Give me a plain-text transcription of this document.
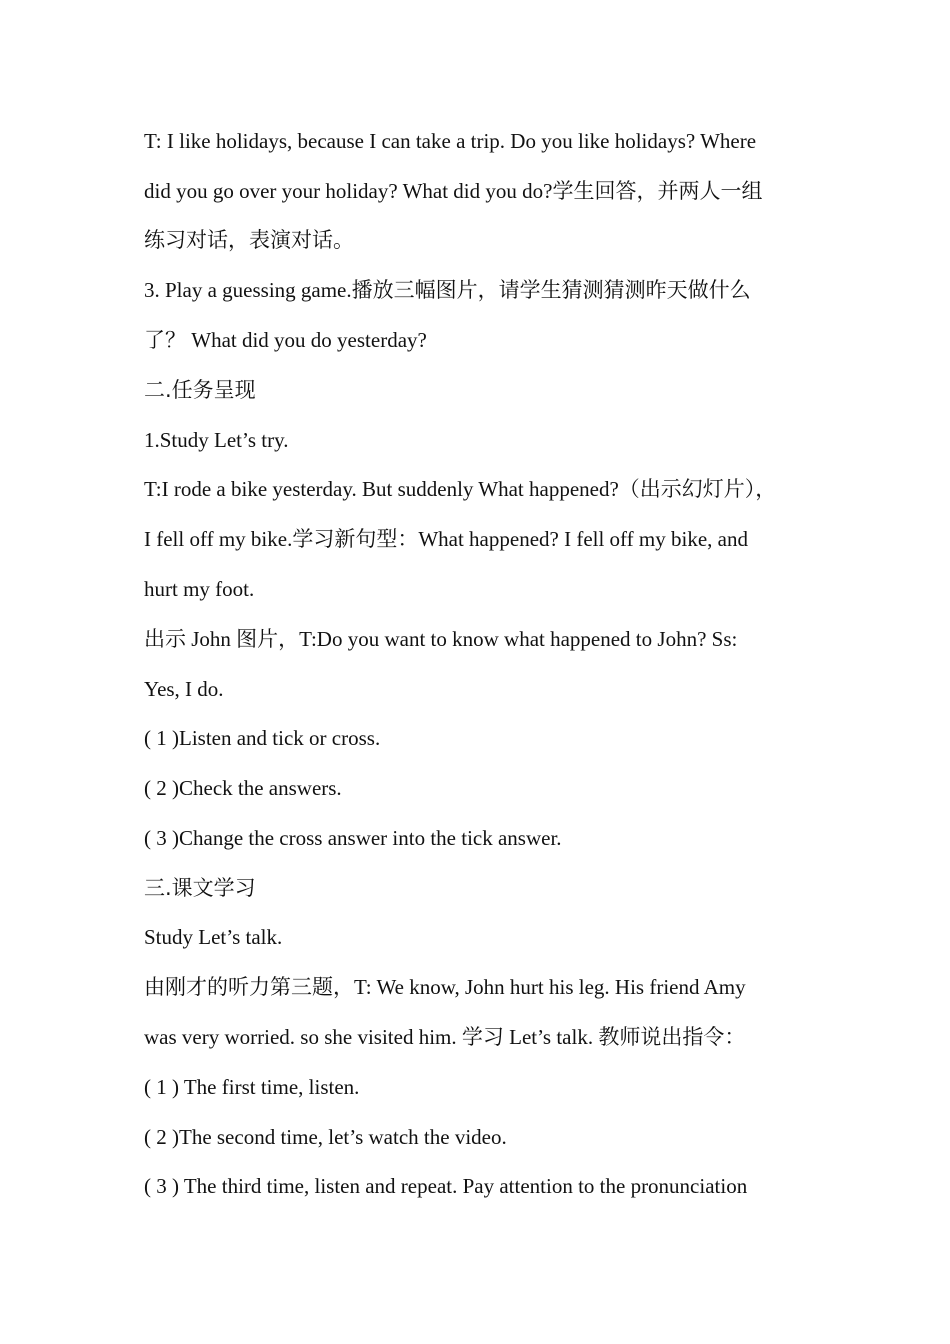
T: I like holidays, because I can take a trip. Do you like holidays? Where
did you go over your holiday? What did you do?学生回答，并两人一组
练习对话，表演对话。
3. Play a guessing game.播放三幅图片，请学生猜测猜测昨天做什么
了？ What did you do yesterday?
二.任务呈现
1.Study Let’s try.
T:I rode a bike yesterday. But suddenly What happened?（出示幻灯片），
I fell off my bike.学习新句型：What happened? I fell off my bike, and
hurt my foot.
出示 John 图片，T:Do you want to know what happened to John? Ss:
Yes, I do.
( 1 )Listen and tick or cross.
( 2 )Check the answers.
( 3 )Change the cross answer into the tick answer.
三.课文学习
Study Let’s talk.
由刚才的听力第三题，T: We know, John hurt his leg. His friend Amy
was very worried. so she visited him. 学习 Let’s talk. 教师说出指令：
( 1 ) The first time, listen.
( 2 )The second time, let’s watch the video.
( 3 ) The third time, listen and repeat. Pay attention to the pronunciation
